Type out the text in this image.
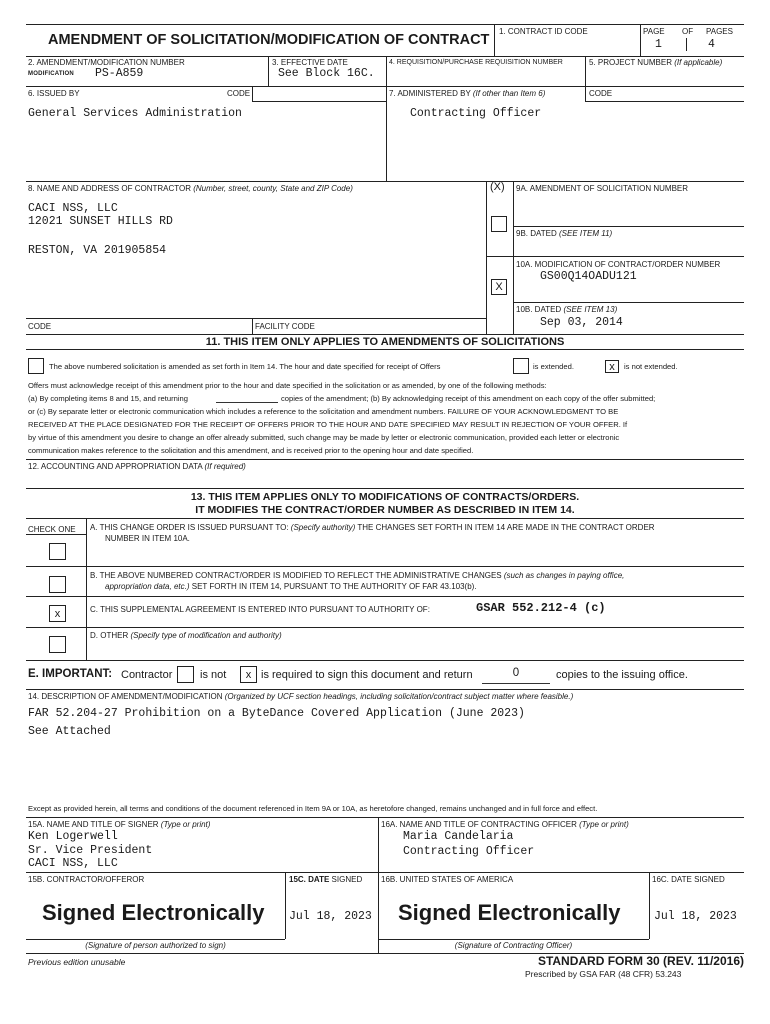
AMENDMENT OF SOLICITATION/MODIFICATION OF CONTRACT
1. CONTRACT ID CODE	PAGE OF PAGES
1	4
2. AMENDMENT/MODIFICATION NUMBER
MODIFICATION PS-A859
3. EFFECTIVE DATE
See Block 16C.
4. REQUISITION/PURCHASE REQUISITION NUMBER	5. PROJECT NUMBER (If applicable)
6. ISSUED BY	CODE
General Services Administration
7. ADMINISTERED BY (If other than Item 6)	CODE
Contracting Officer
8. NAME AND ADDRESS OF CONTRACTOR (Number, street, county, State and ZIP Code)	(X)
CACI NSS, LLC
12021 SUNSET HILLS RD
RESTON, VA 201905854
9A. AMENDMENT OF SOLICITATION NUMBER
9B. DATED (SEE ITEM 11)
10A. MODIFICATION OF CONTRACT/ORDER NUMBER
GS00Q14OADU121
X
10B. DATED (SEE ITEM 13)
Sep 03, 2014
CODE	FACILITY CODE
11. THIS ITEM ONLY APPLIES TO AMENDMENTS OF SOLICITATIONS
The above numbered solicitation is amended as set forth in Item 14. The hour and date specified for receipt of Offers	is extended.	x	is not extended.
Offers must acknowledge receipt of this amendment prior to the hour and date specified in the solicitation or as amended, by one of the following methods:
(a) By completing items 8 and 15, and returning	copies of the amendment; (b) By acknowledging receipt of this amendment on each copy of the offer submitted;
or (c) By separate letter or electronic communication which includes a reference to the solicitation and amendment numbers. FAILURE OF YOUR ACKNOWLEDGMENT TO BE
RECEIVED AT THE PLACE DESIGNATED FOR THE RECEIPT OF OFFERS PRIOR TO THE HOUR AND DATE SPECIFIED MAY RESULT IN REJECTION OF YOUR OFFER. If
by virtue of this amendment you desire to change an offer already submitted, such change may be made by letter or electronic communication, provided each letter or electronic
communication makes reference to the solicitation and this amendment, and is received prior to the opening hour and date specified.
12. ACCOUNTING AND APPROPRIATION DATA (If required)
13. THIS ITEM APPLIES ONLY TO MODIFICATIONS OF CONTRACTS/ORDERS.
IT MODIFIES THE CONTRACT/ORDER NUMBER AS DESCRIBED IN ITEM 14.
CHECK ONE A. THIS CHANGE ORDER IS ISSUED PURSUANT TO: (Specify authority) THE CHANGES SET FORTH IN ITEM 14 ARE MADE IN THE CONTRACT ORDER
NUMBER IN ITEM 10A.
B. THE ABOVE NUMBERED CONTRACT/ORDER IS MODIFIED TO REFLECT THE ADMINISTRATIVE CHANGES (such as changes in paying office,
appropriation data, etc.) SET FORTH IN ITEM 14, PURSUANT TO THE AUTHORITY OF FAR 43.103(b).
x	C. THIS SUPPLEMENTAL AGREEMENT IS ENTERED INTO PURSUANT TO AUTHORITY OF:	GSAR 552.212-4 (c)
D. OTHER (Specify type of modification and authority)
E. IMPORTANT: Contractor	is not	x is required to sign this document and return	0	copies to the issuing office.
14. DESCRIPTION OF AMENDMENT/MODIFICATION (Organized by UCF section headings, including solicitation/contract subject matter where feasible.)
FAR 52.204-27 Prohibition on a ByteDance Covered Application (June 2023)
See Attached
Except as provided herein, all terms and conditions of the document referenced in Item 9A or 10A, as heretofore changed, remains unchanged and in full force and effect.
15A. NAME AND TITLE OF SIGNER (Type or print)
Ken Logerwell
Sr. Vice President
CACI NSS, LLC
16A. NAME AND TITLE OF CONTRACTING OFFICER (Type or print)
Maria Candelaria
Contracting Officer
15B. CONTRACTOR/OFFEROR	15C. DATE SIGNED 16B. UNITED STATES OF AMERICA	16C. DATE SIGNED
Signed Electronically Jul 18, 2023 Signed Electronically	Jul 18, 2023
(Signature of person authorized to sign)	(Signature of Contracting Officer)
Previous edition unusable	STANDARD FORM 30 (REV. 11/2016)
Prescribed by GSA FAR (48 CFR) 53.243
